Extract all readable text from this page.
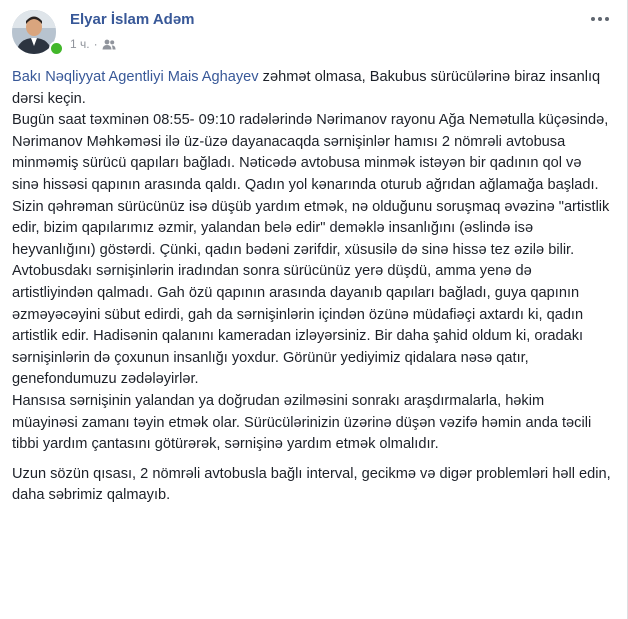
Elyar İslam Adəm
1 ч. ·

Bakı Nəqliyyat Agentliyi Mais Aghayev zəhmət olmasa, Bakubus sürücülərinə biraz insanlıq dərsi keçin.

Bugün saat təxminən 08:55- 09:10 radələrində Nərimanov rayonu Ağa Nemətulla küçəsində, Nərimanov Məhkəməsi ilə üz-üzə dayanacaqda sərnişinlər hamısı 2 nömrəli avtobusa minməmiş sürücü qapıları bağladı. Nəticədə avtobusa minmək istəyən bir qadının qol və sinə hissəsi qapının arasında qaldı. Qadın yol kənarında oturub ağrıdan ağlamağa başladı. Sizin qəhrəman sürücünüz isə düşüb yardım etmək, nə olduğunu soruşmaq əvəzinə "artistlik edir, bizim qapılarımız əzmir, yalandan belə edir" deməklə insanlığını (əslində isə heyvanlığını) göstərdi. Çünki, qadın bədəni zərifdir, xüsusilə də sinə hissə tez əzilə bilir. Avtobusdakı sərnişinlərin iradından sonra sürücünüz yerə düşdü, amma yenə də artistliyindən qalmadı. Gah özü qapının arasında dayanıb qapıları bağladı, guya qapının əzməyəcəyini sübut edirdi, gah da sərnişinlərin içindən özünə müdafiəçi axtardı ki, qadın artistlik edir. Hadisənin qalanını kameradan izləyərsiniz. Bir daha şahid oldum ki, oradakı sərnişinlərin də çoxunun insanlığı yoxdur. Görünür yediyimiz qidalara nəsə qatır, genefondumuzu zədələyirlər.

Hansısa sərnişinin yalandan ya doğrudan əzilməsini sonrakı araşdırmalarla, həkim müayinəsi zamanı təyin etmək olar. Sürücülərinizin üzərinə düşən vəzifə həmin anda təcili tibbi yardım çantasını götürərək, sərnişinə yardım etmək olmalıdır.

Uzun sözün qısası, 2 nömrəli avtobusla bağlı interval, gecikmə və digər problemləri həll edin, daha səbrimiz qalmayıb.
